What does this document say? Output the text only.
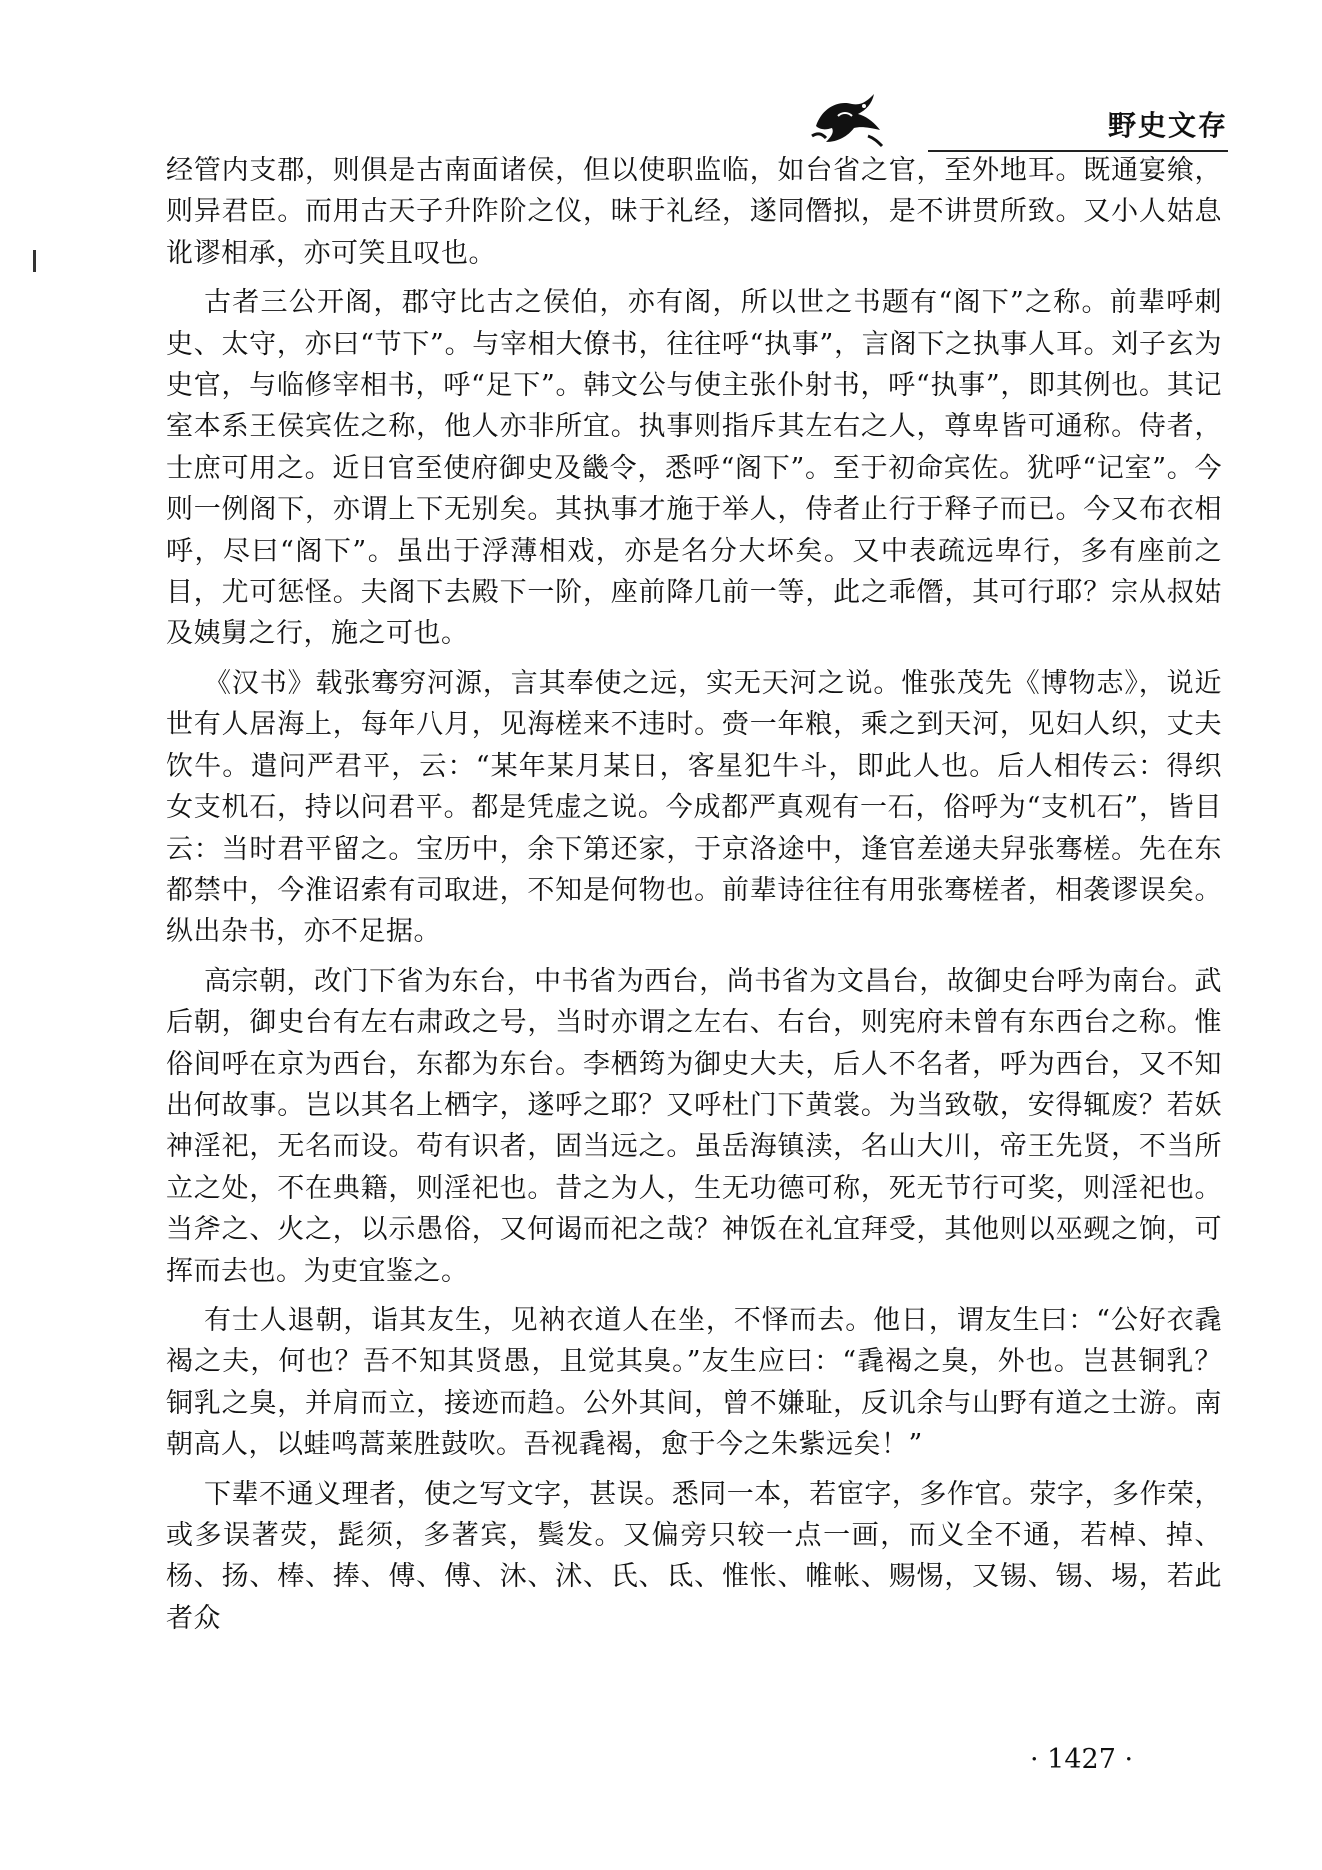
野史文存

经管内支郡，则俱是古南面诸侯，但以使职监临，如台省之官，至外地耳。既通宴飨，则异君臣。而用古天子升阼阶之仪，昧于礼经，遂同僭拟，是不讲贯所致。又小人姑息讹谬相承，亦可笑且叹也。

古者三公开阁，郡守比古之侯伯，亦有阁，所以世之书题有“阁下”之称。前辈呼刺史、太守，亦曰“节下”。与宰相大僚书，往往呼“执事”，言阁下之执事人耳。刘子玄为史官，与临修宰相书，呼“足下”。韩文公与使主张仆射书，呼“执事”，即其例也。其记室本系王侯宾佐之称，他人亦非所宜。执事则指斥其左右之人，尊卑皆可通称。侍者，士庶可用之。近日官至使府御史及畿令，悉呼“阁下”。至于初命宾佐。犹呼“记室”。今则一例阁下，亦谓上下无别矣。其执事才施于举人，侍者止行于释子而已。今又布衣相呼，尽曰“阁下”。虽出于浮薄相戏，亦是名分大坏矣。又中表疏远卑行，多有座前之目，尤可惩怪。夫阁下去殿下一阶，座前降几前一等，此之乖僭，其可行耶？宗从叔姑及姨舅之行，施之可也。

《汉书》载张骞穷河源，言其奉使之远，实无天河之说。惟张茂先《博物志》，说近世有人居海上，每年八月，见海槎来不违时。赍一年粮，乘之到天河，见妇人织，丈夫饮牛。遣问严君平，云：“某年某月某日，客星犯牛斗，即此人也。后人相传云：得织女支机石，持以问君平。都是凭虚之说。今成都严真观有一石，俗呼为“支机石”，皆目云：当时君平留之。宝历中，余下第还家，于京洛途中，逢官差递夫舁张骞槎。先在东都禁中，今淮诏索有司取进，不知是何物也。前辈诗往往有用张骞槎者，相袭谬误矣。纵出杂书，亦不足据。

高宗朝，改门下省为东台，中书省为西台，尚书省为文昌台，故御史台呼为南台。武后朝，御史台有左右肃政之号，当时亦谓之左右、右台，则宪府未曾有东西台之称。惟俗间呼在京为西台，东都为东台。李栖筠为御史大夫，后人不名者，呼为西台，又不知出何故事。岂以其名上栖字，遂呼之耶？又呼杜门下黄裳。为当致敬，安得辄废？若妖神淫祀，无名而设。苟有识者，固当远之。虽岳海镇渎，名山大川，帝王先贤，不当所立之处，不在典籍，则淫祀也。昔之为人，生无功德可称，死无节行可奖，则淫祀也。当斧之、火之，以示愚俗，又何谒而祀之哉？神饭在礼宜拜受，其他则以巫觋之饷，可挥而去也。为吏宜鉴之。

有士人退朝，诣其友生，见衲衣道人在坐，不怿而去。他日，谓友生曰：“公好衣毳褐之夫，何也？吾不知其贤愚，且觉其臭。”友生应曰：“毳褐之臭，外也。岂甚铜乳？铜乳之臭，并肩而立，接迹而趋。公外其间，曾不嫌耻，反讥余与山野有道之士游。南朝高人，以蛙鸣蒿莱胜鼓吹。吾视毳褐，愈于今之朱紫远矣！”

下辈不通义理者，使之写文字，甚误。悉同一本，若宦字，多作官。荥字，多作荣，或多误著荧，髭须，多著宾，鬓发。又偏旁只较一点一画，而义全不通，若棹、掉、杨、扬、棒、捧、傅、傅、沐、沭、氏、氐、惟怅、帷帐、赐惕，又锡、锡、埸，若此者众

· 1427 ·
